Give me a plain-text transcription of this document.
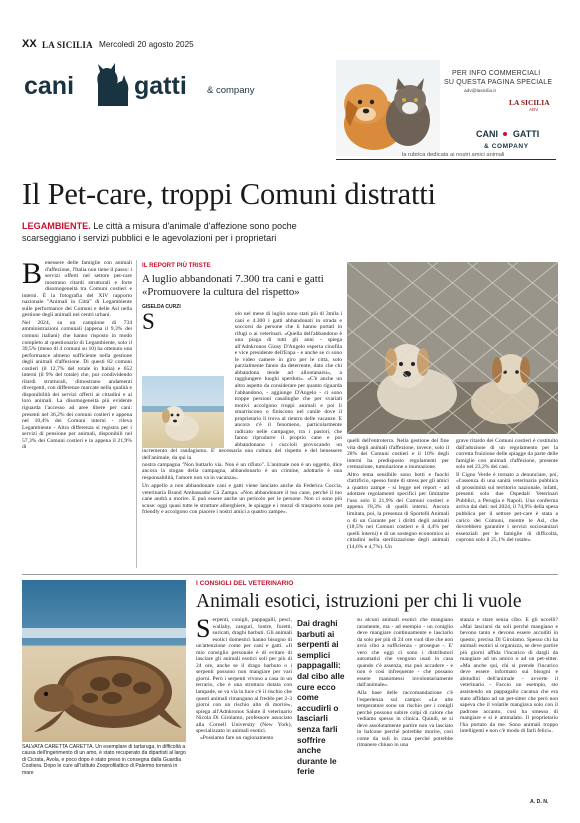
XX LA SICILIA Mercoledì 20 agosto 2025
cani gatti & company
PER INFO COMMERCIALI
SU QUESTA PAGINA SPECIALE
adv@lasicilia.it
LA SICILIA
ADV
CANI GATTI
& COMPANY
la rubrica dedicata ai nostri amici animali
Il Pet-care, troppi Comuni distratti
LEGAMBIENTE. Le città a misura d'animale d'affezione sono poche
scarseggiano i servizi pubblici e le agevolazioni per i proprietari
B enessere delle famiglie con animali d'affezione, l'Italia non tiene il passo: i servizi offerti nel settore pet-care mostrano ritardi strutturali e forte disomogeneità tra Comuni costieri e interni. È la fotografia del XIV rapporto nazionale "Animali in Città" di Legambiente sulle performance dei Comuni e delle Asl nella gestione degli animali nei centri urbani.

Nel 2024, su un campione di 734 amministrazioni comunali (appena il 9,3% dei comuni italiani) che hanno risposto in modo completo al questionario di Legambiente, solo il 39,5% (meno di 4 comuni su 10) ha ottenuto una performance almeno sufficiente nella gestione degli animali d'affezione. Di questi 82 comuni costieri (il 12,7% del totale in Italia) e 652 interni (il 9% del totale) che, pur condividendo ritardi strutturali, dimostrano andamenti divergenti, con differenze marcate nella qualità e disponibilità dei servizi offerti ai cittadini e ai loro animali. La disomogeneità più evidente riguarda l'accesso ad aree libere per cani: presenti nel 36,2% dei comuni costieri e appena nel 10,4% dei Comuni interni - rileva Legambiente - Altra differenza si registra per i servizi di pensione per animali, disponibili nel 57,3% dei Comuni costieri e in appena il 21,9% di

IL REPORT PIÙ TRISTE
A luglio abbandonati 7.300 tra cani e gatti
«Promuovere la cultura del rispetto»
GISELDA CURZI
S	olo nel mese di luglio sono stati più di 3mila i cani e 4.300 i gatti abbandonati in strada e soccorsi da persone che li hanno portati in rifugi o ai veterinari. «Quella dell'abbandono è una piaga di tutti gli anni - spiega all'Adnkronos Giusy D'Angelo esperta cinofila e vice presidente dell'Enpa - e anche se ci sono le video camere in giro per le città, solo parzialmente fanno da deterrente, dato che chi abbandona tende ad allontanarsi», a raggiungere luoghi sperduti». «C'è anche un altro aspetto da considerare per quanto riguarda l'abbandono, - aggiunge D'Angelo - ci sono troppe persioni casalinghe che per svariati motivi accolgono troppi animali e poi li smarriscono o finiscono nel canile dove il proprietario li trova al rientro delle vacanze. E ancora c'è il fenomeno, particolarmente radicato nelle campagne, tra i pastori, che fanno riprodurre il proprio cane e poi abbandonano i cuccioli provocando un incremento del randagismo. E' necessaria una cultura del rispetto e del benessere dell'animale, da qui la

nostra campagna "Non buttarlo via. Non è un rifiuto". L'animale non è un oggetto, dice ancora la slogan della campagna, abbandonarlo è un crimine, adottarlo è una responsabilità, l'amore non va in vacanza».

Un appello a non abbandonare cani e gatti viene lanciato anche da Federica Coccia, veterinaria Brand Ambassador Cà Zampa. «Non abbandonare il tuo cane, perché il tuo cane andrà a morire. E può essere anche un pericolo per le persone. Non ci sono più scuse: oggi quasi tutte le strutture alberghiere, le spiagge e i mezzi di trasporto sono pet friendly e accolgono con piacere i nostri amici a quattro zampe».

quelli dell'entroterra. Nella gestione del fine vita degli animali d'affezione, invece, solo il 28% dei Comuni costieri e il 10% degli interni ha predisposto regolamenti per cremazione, tumulazione o inumazione.

Altro tema sensibile sono botti e fuochi d'artificio, spesso fonte di stress per gli amici a quattro zampe - si legge nel report - ad adottare regolamenti specifici per limitarne l'uso solo il 21,9% dei Comuni costieri e appena l'8,3% di quelli interni. Ancora limitata, poi, la presenza di Sportelli Animali o di un Garante per i diritti degli animali (18,5% nei Comuni costieri e il 4,4% per quelli interni) e di un sostegno economico ai cittadini nella sterilizzazione degli animali (14,6% e 4,7%). Un

grave ritardo dei Comuni costieri è costituito dall'adozione di un regolamento per la corretta fruizione delle spiagge da parte delle famiglie con animali d'affezione, presente solo nel 23,2% dei casi.

Il Cigno Verde è tornato a denunciare, poi, «l'assenza di una sanità veterinaria pubblica di prossimità sul territorio nazionale, infatti, presenti solo due Ospedali Veterinari Pubblici, a Perugia e Napoli. Una conferma arriva dai dati: nel 2024, il 74,9% della spesa pubblica per il settore pet-care è stata a carico dei Comuni, mentre le Asl, che dovrebbero garantire i servizi sociosanitari essenziali per le famiglie di difficoltà, coprono solo il 25,1% del totale».

SALVATA CARETTA CARETTA. Un esemplare di tartaruga, in difficoltà a causa dell'ingerimento di un amo, è stato recuperato da dipartisti al largo di Cicrata, Avola, e poco dopo è stato preso in consegna dalla Guardia Costiera. Dopo le cure all'Istituto Zooprofilattico di Palermo tornerà in mare
I CONSIGLI DEL VETERINARIO
Animali esotici, istruzioni per chi li vuole
S erpenti, conigli, pappagalli, pesci, wallaby, canguri, lontre, furetti, suricati, draghi barbuti. Gli animali esotici domestici hanno bisogno di un'attenzione come per cani e gatti. «Il mio consiglio personale è di evitare di lasciare gli animali esotici soli per più di 24 ore, anche se il drago barbuto o i serpenti possono non mangiare per vari giorni. Però i serpenti vivono a casa in un terrario, che è una struttura dotata con lampade, se va via la luce c'è il rischio che questi animali rimangano al freddo per 2-3 giorni con un rischio alto di morire», spiega all'Adnkronos Salute il veterinario Nicola Di Girolamo, professore associato alla Cornell University (New York), specializzato in animali esotici.

«Possiamo fare un ragionamento

Dai draghi barbuti ai serpenti ai semplici pappagalli: dal cibo alle cure ecco come accudirli o lasciarli senza farli soffrire anche durante le ferie

su alcuni animali esotici che mangiano raramente, ma - ad esempio - un coniglio deve mangiare continuamente e lasciarlo da solo per più di 24 ore vuol dire che non avrà cibo a sufficienza - prosegue -. E' vero che oggi ci sono i distributori automatici che vengono usati in casa quando c'è assenza, ma può accadere - e non è così infrequente - che possano essere manomessi involontariamente dall'animale».

Alla base delle raccomandazione c'è l'esperienza sul campo: «Le alte temperature sono un rischio per i conigli perché possono subire colpi di calore che vediamo spesso in clinica. Quindi, se si deve assolutamente partire non va lasciato in balcone perché potrebbe morire, così come da soli in casa perché potrebbe rimanere chiuso in una

stanza e stare senza cibo. E gli uccelli? «Mai lasciarsi da soli perché mangiano e bevono tanto e devono essere accuditi in questo, precisa Di Girolamo. Spesso chi ha animali esotici si organizza, se deve partire più giorni affida l'incarico di dargli da mangiare ad un amico o ad un pet-sitter. «Ma anche qui, chi si prende l'incarico deve essere informato sui bisogni e abitudini dell'animale - avverte il veterinario - Faccio un esempio, sto assistendo un pappagallo cacatua che era stato affidato ad un pet-sitter che però non sapeva che il volatile mangiava solo con il padrone accanto, così ha smesso di mangiare e si è ammalato. Il proprietario l'ha portato da me. Sono animali troppo intelligenti e non c'è modo di farli felici».

A. D. N.
